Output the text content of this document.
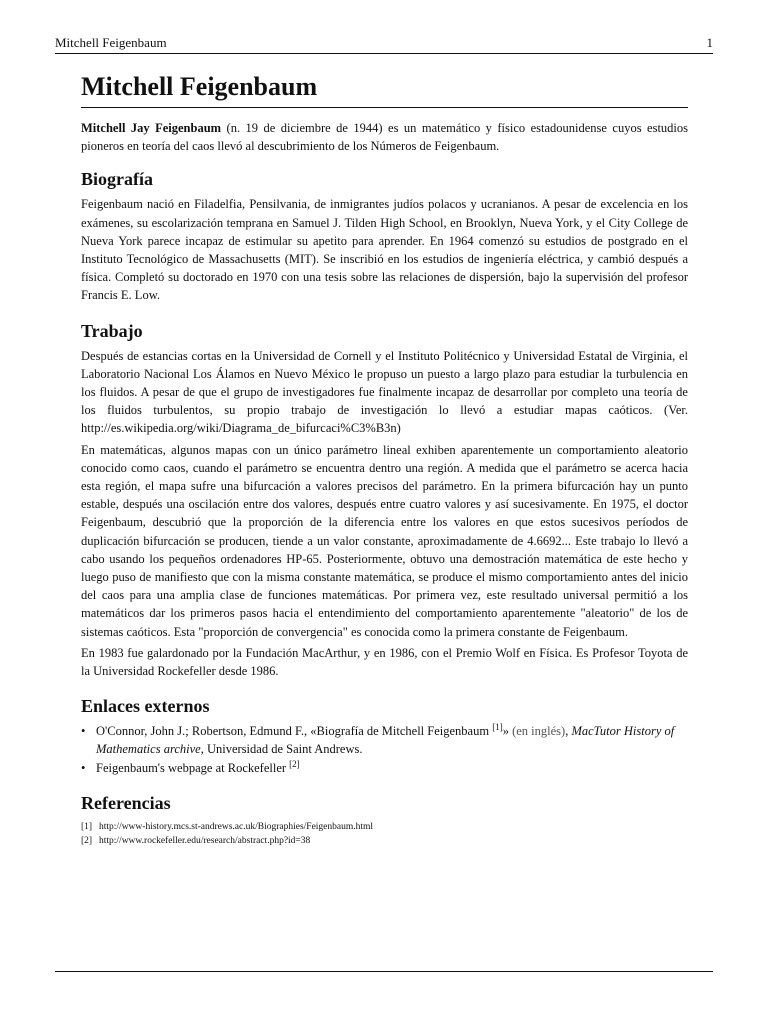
Mitchell Feigenbaum	1
Mitchell Feigenbaum

Mitchell Jay Feigenbaum (n. 19 de diciembre de 1944) es un matemático y físico estadounidense cuyos estudios pioneros en teoría del caos llevó al descubrimiento de los Números de Feigenbaum.

Biografía

Feigenbaum nació en Filadelfia, Pensilvania, de inmigrantes judíos polacos y ucranianos. A pesar de excelencia en los exámenes, su escolarización temprana en Samuel J. Tilden High School, en Brooklyn, Nueva York, y el City College de Nueva York parece incapaz de estimular su apetito para aprender. En 1964 comenzó su estudios de postgrado en el Instituto Tecnológico de Massachusetts (MIT). Se inscribió en los estudios de ingeniería eléctrica, y cambió después a física. Completó su doctorado en 1970 con una tesis sobre las relaciones de dispersión, bajo la supervisión del profesor Francis E. Low.

Trabajo

Después de estancias cortas en la Universidad de Cornell y el Instituto Politécnico y Universidad Estatal de Virginia, el Laboratorio Nacional Los Álamos en Nuevo México le propuso un puesto a largo plazo para estudiar la turbulencia en los fluidos. A pesar de que el grupo de investigadores fue finalmente incapaz de desarrollar por completo una teoría de los fluidos turbulentos, su propio trabajo de investigación lo llevó a estudiar mapas caóticos. (Ver. http://es.wikipedia.org/wiki/Diagrama_de_bifurcaci%C3%B3n)

En matemáticas, algunos mapas con un único parámetro lineal exhiben aparentemente un comportamiento aleatorio conocido como caos, cuando el parámetro se encuentra dentro una región. A medida que el parámetro se acerca hacia esta región, el mapa sufre una bifurcación a valores precisos del parámetro. En la primera bifurcación hay un punto estable, después una oscilación entre dos valores, después entre cuatro valores y así sucesivamente. En 1975, el doctor Feigenbaum, descubrió que la proporción de la diferencia entre los valores en que estos sucesivos períodos de duplicación bifurcación se producen, tiende a un valor constante, aproximadamente de 4.6692... Este trabajo lo llevó a cabo usando los pequeños ordenadores HP-65. Posteriormente, obtuvo una demostración matemática de este hecho y luego puso de manifiesto que con la misma constante matemática, se produce el mismo comportamiento antes del inicio del caos para una amplia clase de funciones matemáticas. Por primera vez, este resultado universal permitió a los matemáticos dar los primeros pasos hacia el entendimiento del comportamiento aparentemente "aleatorio" de los de sistemas caóticos. Esta "proporción de convergencia" es conocida como la primera constante de Feigenbaum.

En 1983 fue galardonado por la Fundación MacArthur, y en 1986, con el Premio Wolf en Física. Es Profesor Toyota de la Universidad Rockefeller desde 1986.

Enlaces externos
• O'Connor, John J.; Robertson, Edmund F., «Biografía de Mitchell Feigenbaum [1]» (en inglés), MacTutor History of Mathematics archive, Universidad de Saint Andrews.
• Feigenbaum's webpage at Rockefeller [2]
Referencias
[1] http://www-history.mcs.st-andrews.ac.uk/Biographies/Feigenbaum.html
[2] http://www.rockefeller.edu/research/abstract.php?id=38
